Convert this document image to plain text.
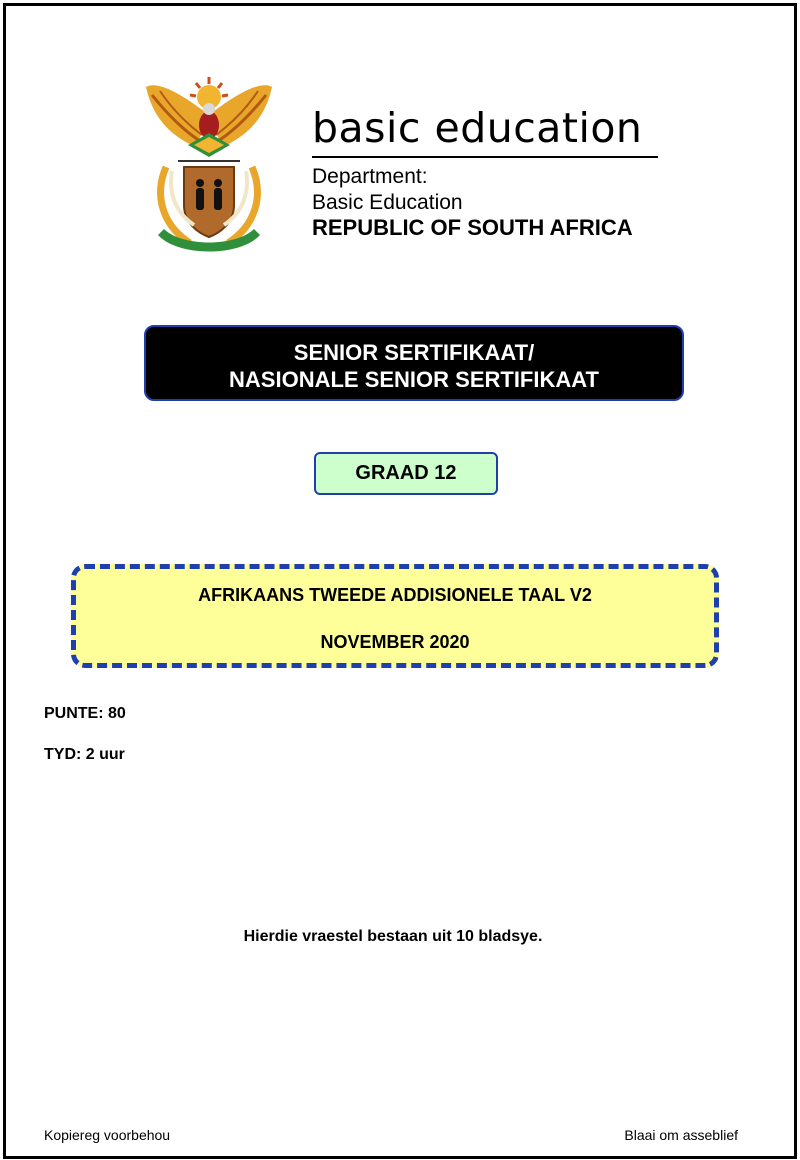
basic education
Department:
Basic Education
REPUBLIC OF SOUTH AFRICA
SENIOR SERTIFIKAAT/
NASIONALE SENIOR SERTIFIKAAT
GRAAD 12
AFRIKAANS TWEEDE ADDISIONELE TAAL V2
NOVEMBER 2020
PUNTE: 80
TYD: 2 uur
Hierdie vraestel bestaan uit 10 bladsye.
Kopiereg voorbehou	Blaai om asseblief
